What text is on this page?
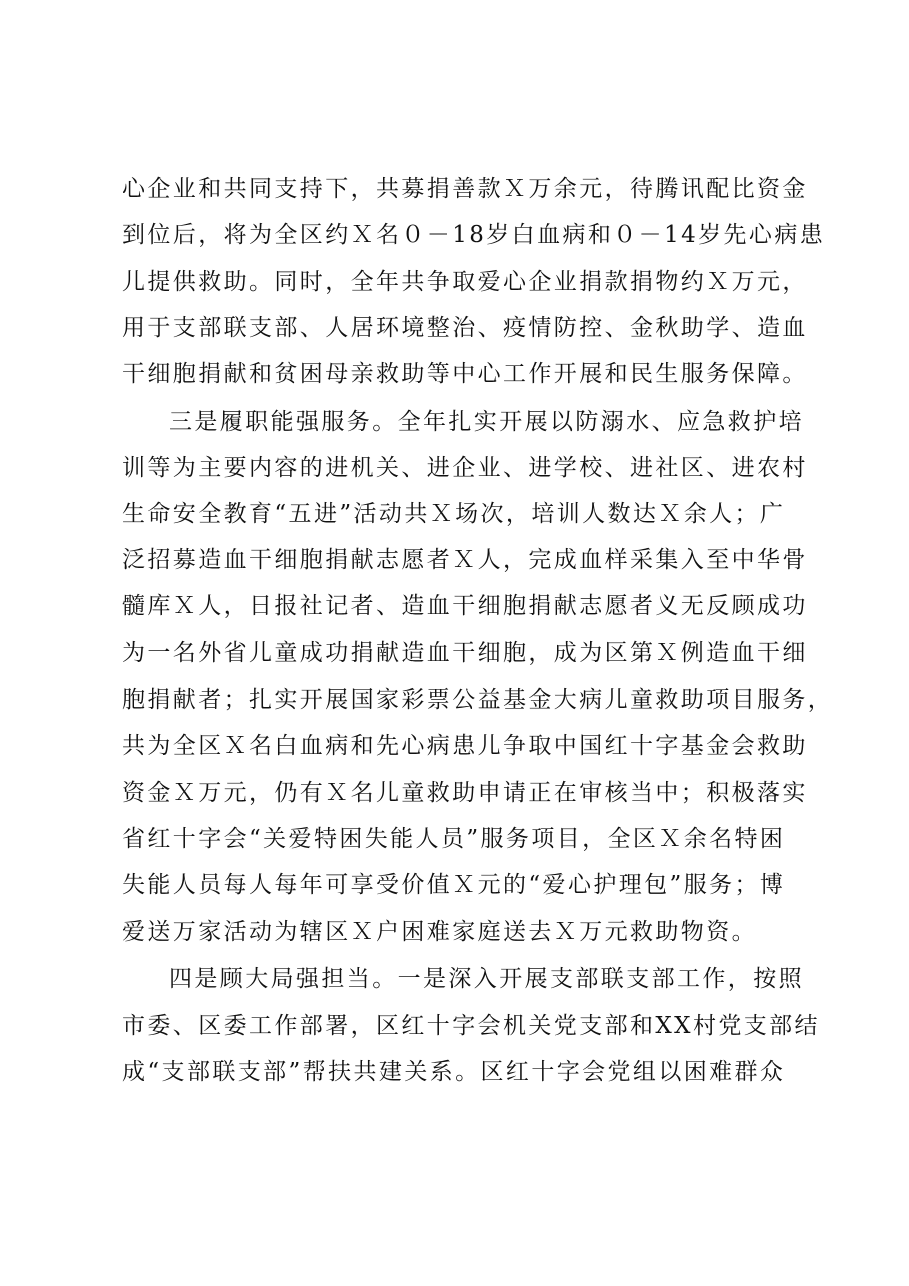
心企业和共同支持下，共募捐善款Ｘ万余元，待腾讯配比资金
到位后，将为全区约Ｘ名０－18岁白血病和０－14岁先心病患
儿提供救助。同时，全年共争取爱心企业捐款捐物约Ｘ万元，
用于支部联支部、人居环境整治、疫情防控、金秋助学、造血
干细胞捐献和贫困母亲救助等中心工作开展和民生服务保障。
三是履职能强服务。全年扎实开展以防溺水、应急救护培
训等为主要内容的进机关、进企业、进学校、进社区、进农村
生命安全教育“五进”活动共Ｘ场次，培训人数达Ｘ余人；广
泛招募造血干细胞捐献志愿者Ｘ人，完成血样采集入至中华骨
髓库Ｘ人，日报社记者、造血干细胞捐献志愿者义无反顾成功
为一名外省儿童成功捐献造血干细胞，成为区第Ｘ例造血干细
胞捐献者；扎实开展国家彩票公益基金大病儿童救助项目服务，
共为全区Ｘ名白血病和先心病患儿争取中国红十字基金会救助
资金Ｘ万元，仍有Ｘ名儿童救助申请正在审核当中；积极落实
省红十字会“关爱特困失能人员”服务项目，全区Ｘ余名特困
失能人员每人每年可享受价值Ｘ元的“爱心护理包”服务；博
爱送万家活动为辖区Ｘ户困难家庭送去Ｘ万元救助物资。
四是顾大局强担当。一是深入开展支部联支部工作，按照
市委、区委工作部署，区红十字会机关党支部和XX村党支部结
成“支部联支部”帮扶共建关系。区红十字会党组以困难群众
